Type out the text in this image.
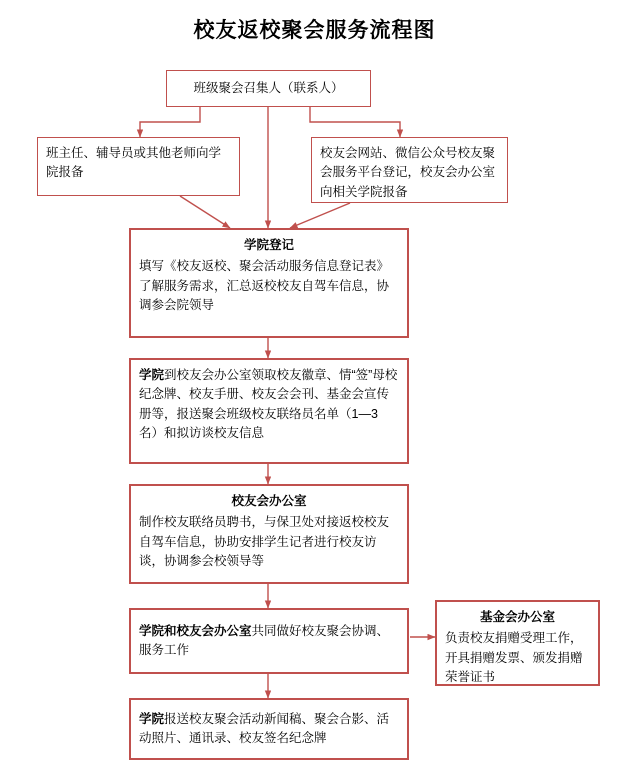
校友返校聚会服务流程图
班级聚会召集人（联系人）
班主任、辅导员或其他老师向学院报备
校友会网站、微信公众号校友聚会服务平台登记，校友会办公室向相关学院报备
学院登记
填写《校友返校、聚会活动服务信息登记表》了解服务需求，汇总返校校友自驾车信息，协调参会院领导
学院到校友会办公室领取校友徽章、情“签”母校纪念牌、校友手册、校友会会刊、基金会宣传册等，报送聚会班级校友联络员名单（1—3 名）和拟访谈校友信息
校友会办公室
制作校友联络员聘书，与保卫处对接返校校友自驾车信息，协助安排学生记者进行校友访谈，协调参会校领导等
学院和校友会办公室共同做好校友聚会协调、服务工作
基金会办公室
负责校友捐赠受理工作，开具捐赠发票、颁发捐赠荣誉证书
学院报送校友聚会活动新闻稿、聚会合影、活动照片、通讯录、校友签名纪念牌
